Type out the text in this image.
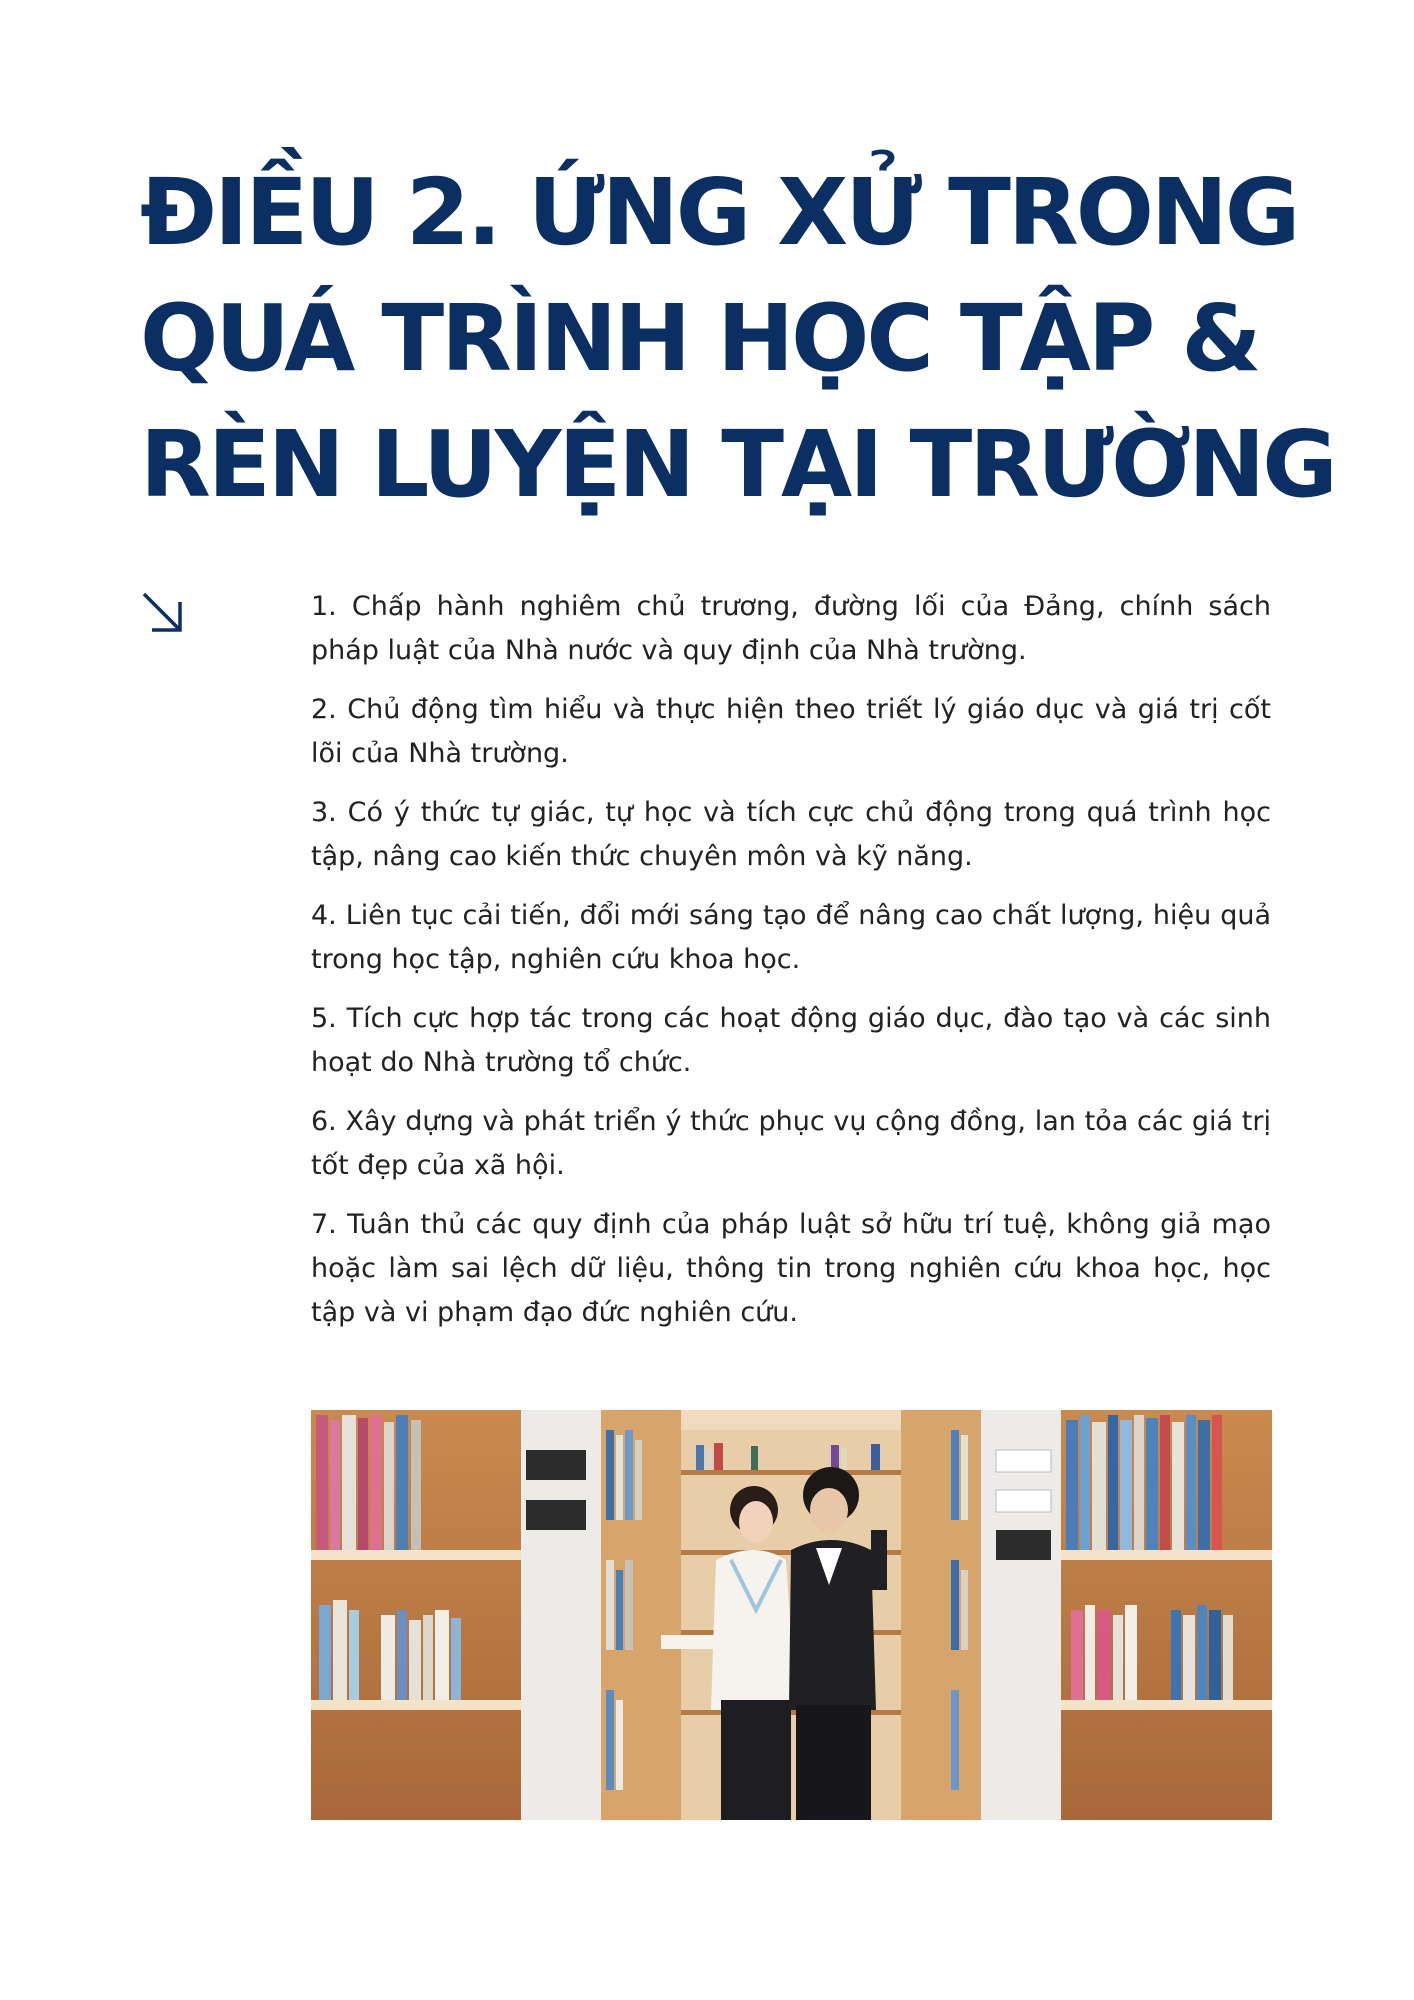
ĐIỀU 2. ỨNG XỬ TRONG
QUÁ TRÌNH HỌC TẬP &
RÈN LUYỆN TẠI TRƯỜNG
1. Chấp hành nghiêm chủ trương, đường lối của Đảng, chính sách pháp luật của Nhà nước và quy định của Nhà trường.
2. Chủ động tìm hiểu và thực hiện theo triết lý giáo dục và giá trị cốt lõi của Nhà trường.
3. Có ý thức tự giác, tự học và tích cực chủ động trong quá trình học tập, nâng cao kiến thức chuyên môn và kỹ năng.
4. Liên tục cải tiến, đổi mới sáng tạo để nâng cao chất lượng, hiệu quả trong học tập, nghiên cứu khoa học.
5. Tích cực hợp tác trong các hoạt động giáo dục, đào tạo và các sinh hoạt do Nhà trường tổ chức.
6. Xây dựng và phát triển ý thức phục vụ cộng đồng, lan tỏa các giá trị tốt đẹp của xã hội.
7. Tuân thủ các quy định của pháp luật sở hữu trí tuệ, không giả mạo hoặc làm sai lệch dữ liệu, thông tin trong nghiên cứu khoa học, học tập và vi phạm đạo đức nghiên cứu.
